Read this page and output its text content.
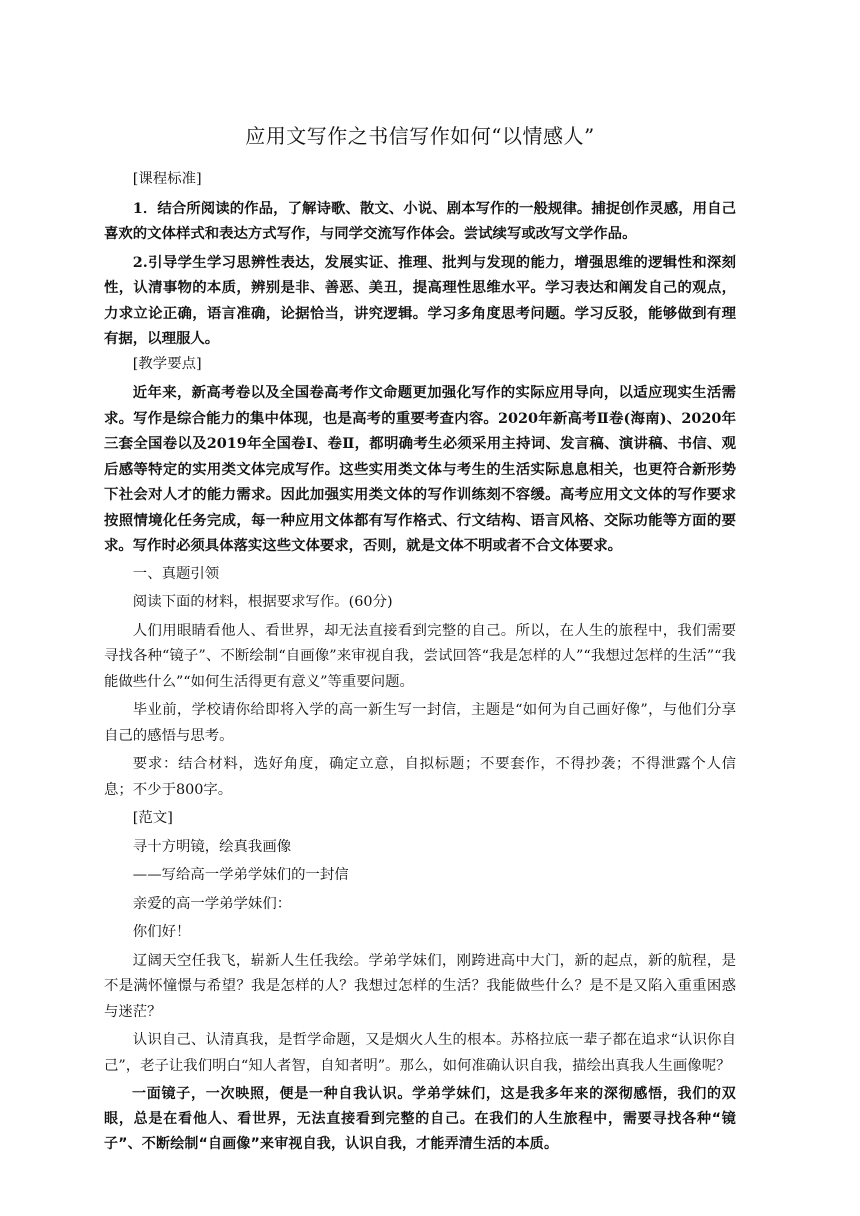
应用文写作之书信写作如何“以情感人”

[课程标准]

1．结合所阅读的作品，了解诗歌、散文、小说、剧本写作的一般规律。捕捉创作灵感，用自己喜欢的文体样式和表达方式写作，与同学交流写作体会。尝试续写或改写文学作品。

2.引导学生学习思辨性表达，发展实证、推理、批判与发现的能力，增强思维的逻辑性和深刻性，认清事物的本质，辨别是非、善恶、美丑，提高理性思维水平。学习表达和阐发自己的观点，力求立论正确，语言准确，论据恰当，讲究逻辑。学习多角度思考问题。学习反驳，能够做到有理有据，以理服人。

[教学要点]

近年来，新高考卷以及全国卷高考作文命题更加强化写作的实际应用导向，以适应现实生活需求。写作是综合能力的集中体现，也是高考的重要考查内容。2020年新高考Ⅱ卷(海南)、2020年三套全国卷以及2019年全国卷Ⅰ、卷Ⅱ，都明确考生必须采用主持词、发言稿、演讲稿、书信、观后感等特定的实用类文体完成写作。这些实用类文体与考生的生活实际息息相关，也更符合新形势下社会对人才的能力需求。因此加强实用类文体的写作训练刻不容缓。高考应用文文体的写作要求按照情境化任务完成，每一种应用文体都有写作格式、行文结构、语言风格、交际功能等方面的要求。写作时必须具体落实这些文体要求，否则，就是文体不明或者不合文体要求。

一、真题引领

阅读下面的材料，根据要求写作。(60分)

人们用眼睛看他人、看世界，却无法直接看到完整的自己。所以，在人生的旅程中，我们需要寻找各种“镜子”、不断绘制“自画像”来审视自我，尝试回答“我是怎样的人”“我想过怎样的生活”“我能做些什么”“如何生活得更有意义”等重要问题。

毕业前，学校请你给即将入学的高一新生写一封信，主题是“如何为自己画好像”，与他们分享自己的感悟与思考。

要求：结合材料，选好角度，确定立意，自拟标题；不要套作，不得抄袭；不得泄露个人信息；不少于800字。

[范文]

寻十方明镜，绘真我画像

——写给高一学弟学妹们的一封信

亲爱的高一学弟学妹们：

你们好！

辽阔天空任我飞，崭新人生任我绘。学弟学妹们，刚跨进高中大门，新的起点，新的航程，是不是满怀憧憬与希望？我是怎样的人？我想过怎样的生活？我能做些什么？是不是又陷入重重困惑与迷茫？

认识自己、认清真我，是哲学命题，又是烟火人生的根本。苏格拉底一辈子都在追求“认识你自己”，老子让我们明白“知人者智，自知者明”。那么，如何准确认识自我，描绘出真我人生画像呢？

一面镜子，一次映照，便是一种自我认识。学弟学妹们，这是我多年来的深彻感悟，我们的双眼，总是在看他人、看世界，无法直接看到完整的自己。在我们的人生旅程中，需要寻找各种“镜子”、不断绘制“自画像”来审视自我，认识自我，才能弄清生活的本质。
